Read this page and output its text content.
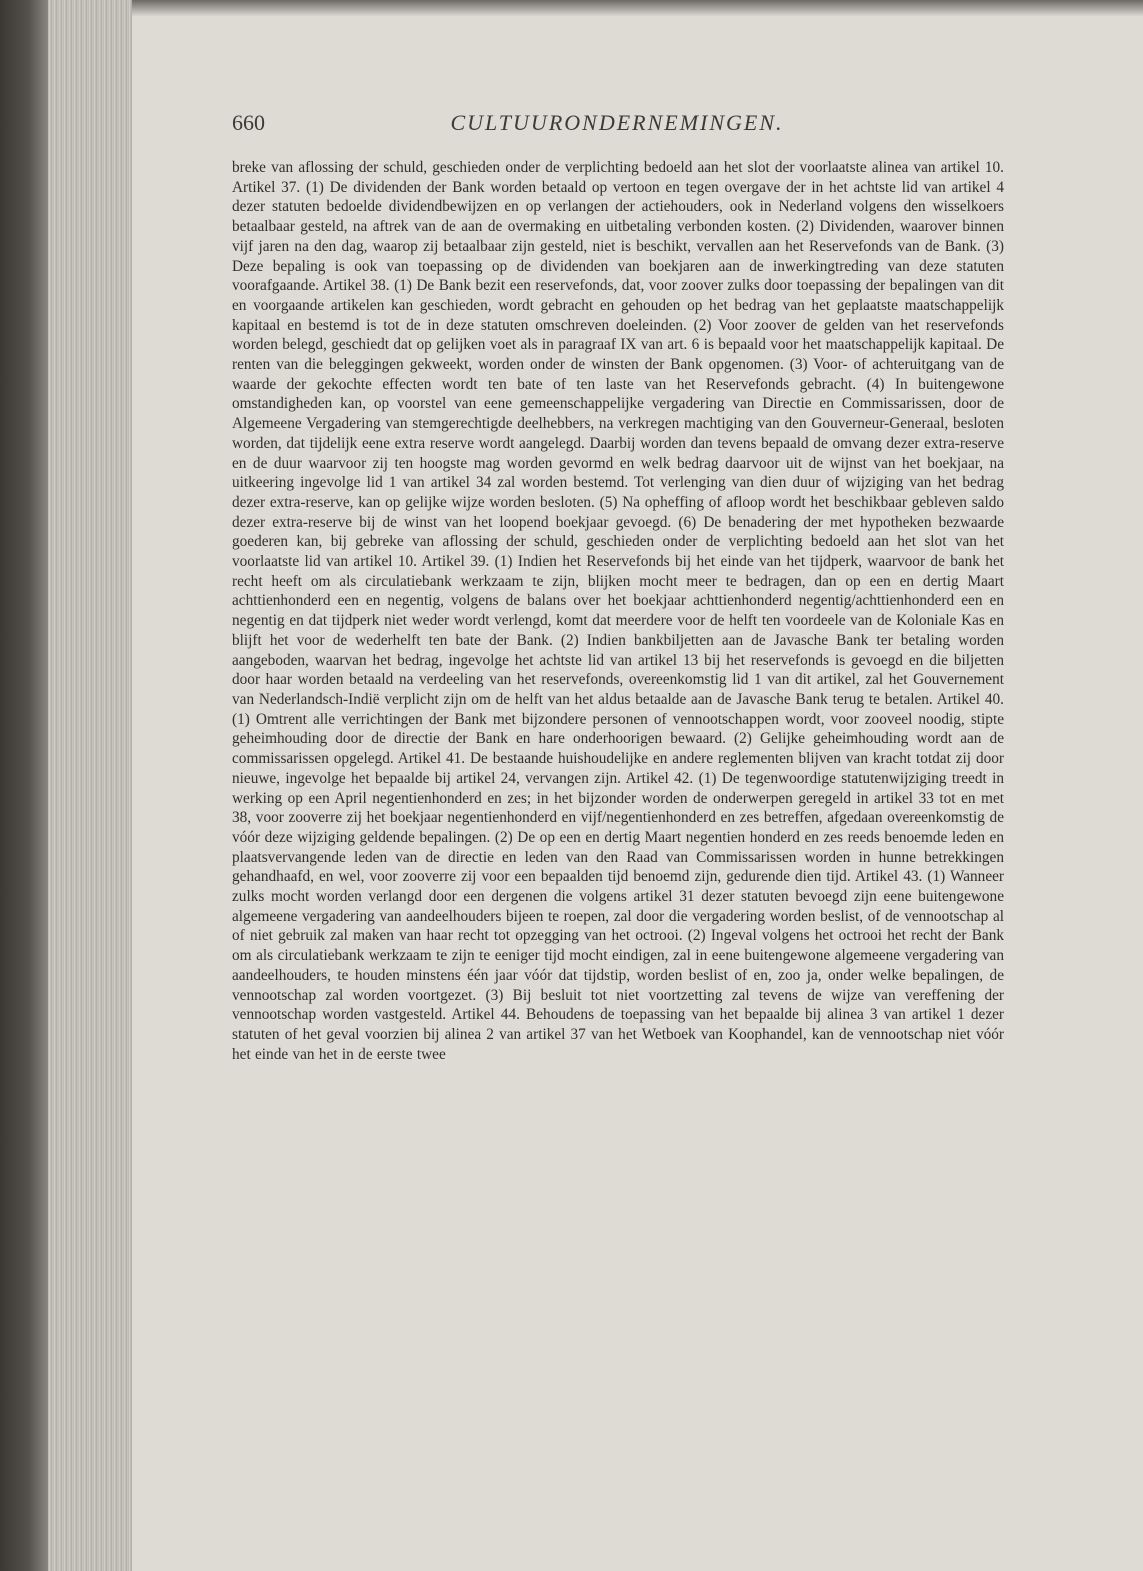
660	CULTUURONDERNEMINGEN.
breke van aflossing der schuld, geschieden onder de verplichting bedoeld aan het slot der voorlaatste alinea van artikel 10. Artikel 37. (1) De dividenden der Bank worden betaald op vertoon en tegen overgave der in het achtste lid van artikel 4 dezer statuten bedoelde dividendbewijzen en op verlangen der actiehouders, ook in Nederland volgens den wisselkoers betaalbaar gesteld, na aftrek van de aan de overmaking en uitbetaling verbonden kosten. (2) Dividenden, waarover binnen vijf jaren na den dag, waarop zij betaalbaar zijn gesteld, niet is beschikt, vervallen aan het Reservefonds van de Bank. (3) Deze bepaling is ook van toepassing op de dividenden van boekjaren aan de inwerkingtreding van deze statuten voorafgaande. Artikel 38. (1) De Bank bezit een reservefonds, dat, voor zoover zulks door toepassing der bepalingen van dit en voorgaande artikelen kan geschieden, wordt gebracht en gehouden op het bedrag van het geplaatste maatschappelijk kapitaal en bestemd is tot de in deze statuten omschreven doeleinden. (2) Voor zoover de gelden van het reservefonds worden belegd, geschiedt dat op gelijken voet als in paragraaf IX van art. 6 is bepaald voor het maatschappelijk kapitaal. De renten van die beleggingen gekweekt, worden onder de winsten der Bank opgenomen. (3) Voor- of achteruitgang van de waarde der gekochte effecten wordt ten bate of ten laste van het Reservefonds gebracht. (4) In buitengewone omstandigheden kan, op voorstel van eene gemeenschappelijke vergadering van Directie en Commissarissen, door de Algemeene Vergadering van stemgerechtigde deelhebbers, na verkregen machtiging van den Gouverneur-Generaal, besloten worden, dat tijdelijk eene extra reserve wordt aangelegd. Daarbij worden dan tevens bepaald de omvang dezer extra-reserve en de duur waarvoor zij ten hoogste mag worden gevormd en welk bedrag daarvoor uit de wijnst van het boekjaar, na uitkeering ingevolge lid 1 van artikel 34 zal worden bestemd. Tot verlenging van dien duur of wijziging van het bedrag dezer extra-reserve, kan op gelijke wijze worden besloten. (5) Na opheffing of afloop wordt het beschikbaar gebleven saldo dezer extra-reserve bij de winst van het loopend boekjaar gevoegd. (6) De benadering der met hypotheken bezwaarde goederen kan, bij gebreke van aflossing der schuld, geschieden onder de verplichting bedoeld aan het slot van het voorlaatste lid van artikel 10. Artikel 39. (1) Indien het Reservefonds bij het einde van het tijdperk, waarvoor de bank het recht heeft om als circulatiebank werkzaam te zijn, blijken mocht meer te bedragen, dan op een en dertig Maart achttienhonderd een en negentig, volgens de balans over het boekjaar achttienhonderd negentig/achttienhonderd een en negentig en dat tijdperk niet weder wordt verlengd, komt dat meerdere voor de helft ten voordeele van de Koloniale Kas en blijft het voor de wederhelft ten bate der Bank. (2) Indien bankbiljetten aan de Javasche Bank ter betaling worden aangeboden, waarvan het bedrag, ingevolge het achtste lid van artikel 13 bij het reservefonds is gevoegd en die biljetten door haar worden betaald na verdeeling van het reservefonds, overeenkomstig lid 1 van dit artikel, zal het Gouvernement van Nederlandsch-Indië verplicht zijn om de helft van het aldus betaalde aan de Javasche Bank terug te betalen. Artikel 40. (1) Omtrent alle verrichtingen der Bank met bijzondere personen of vennootschappen wordt, voor zooveel noodig, stipte geheimhouding door de directie der Bank en hare onderhoorigen bewaard. (2) Gelijke geheimhouding wordt aan de commissarissen opgelegd. Artikel 41. De bestaande huishoudelijke en andere reglementen blijven van kracht totdat zij door nieuwe, ingevolge het bepaalde bij artikel 24, vervangen zijn. Artikel 42. (1) De tegenwoordige statutenwijziging treedt in werking op een April negentienhonderd en zes; in het bijzonder worden de onderwerpen geregeld in artikel 33 tot en met 38, voor zooverre zij het boekjaar negentienhonderd en vijf/negentienhonderd en zes betreffen, afgedaan overeenkomstig de vóór deze wijziging geldende bepalingen. (2) De op een en dertig Maart negentien honderd en zes reeds benoemde leden en plaatsvervangende leden van de directie en leden van den Raad van Commissarissen worden in hunne betrekkingen gehandhaafd, en wel, voor zooverre zij voor een bepaalden tijd benoemd zijn, gedurende dien tijd. Artikel 43. (1) Wanneer zulks mocht worden verlangd door een dergenen die volgens artikel 31 dezer statuten bevoegd zijn eene buitengewone algemeene vergadering van aandeelhouders bijeen te roepen, zal door die vergadering worden beslist, of de vennootschap al of niet gebruik zal maken van haar recht tot opzegging van het octrooi. (2) Ingeval volgens het octrooi het recht der Bank om als circulatiebank werkzaam te zijn te eeniger tijd mocht eindigen, zal in eene buitengewone algemeene vergadering van aandeelhouders, te houden minstens één jaar vóór dat tijdstip, worden beslist of en, zoo ja, onder welke bepalingen, de vennootschap zal worden voortgezet. (3) Bij besluit tot niet voortzetting zal tevens de wijze van vereffening der vennootschap worden vastgesteld. Artikel 44. Behoudens de toepassing van het bepaalde bij alinea 3 van artikel 1 dezer statuten of het geval voorzien bij alinea 2 van artikel 37 van het Wetboek van Koophandel, kan de vennootschap niet vóór het einde van het in de eerste twee
